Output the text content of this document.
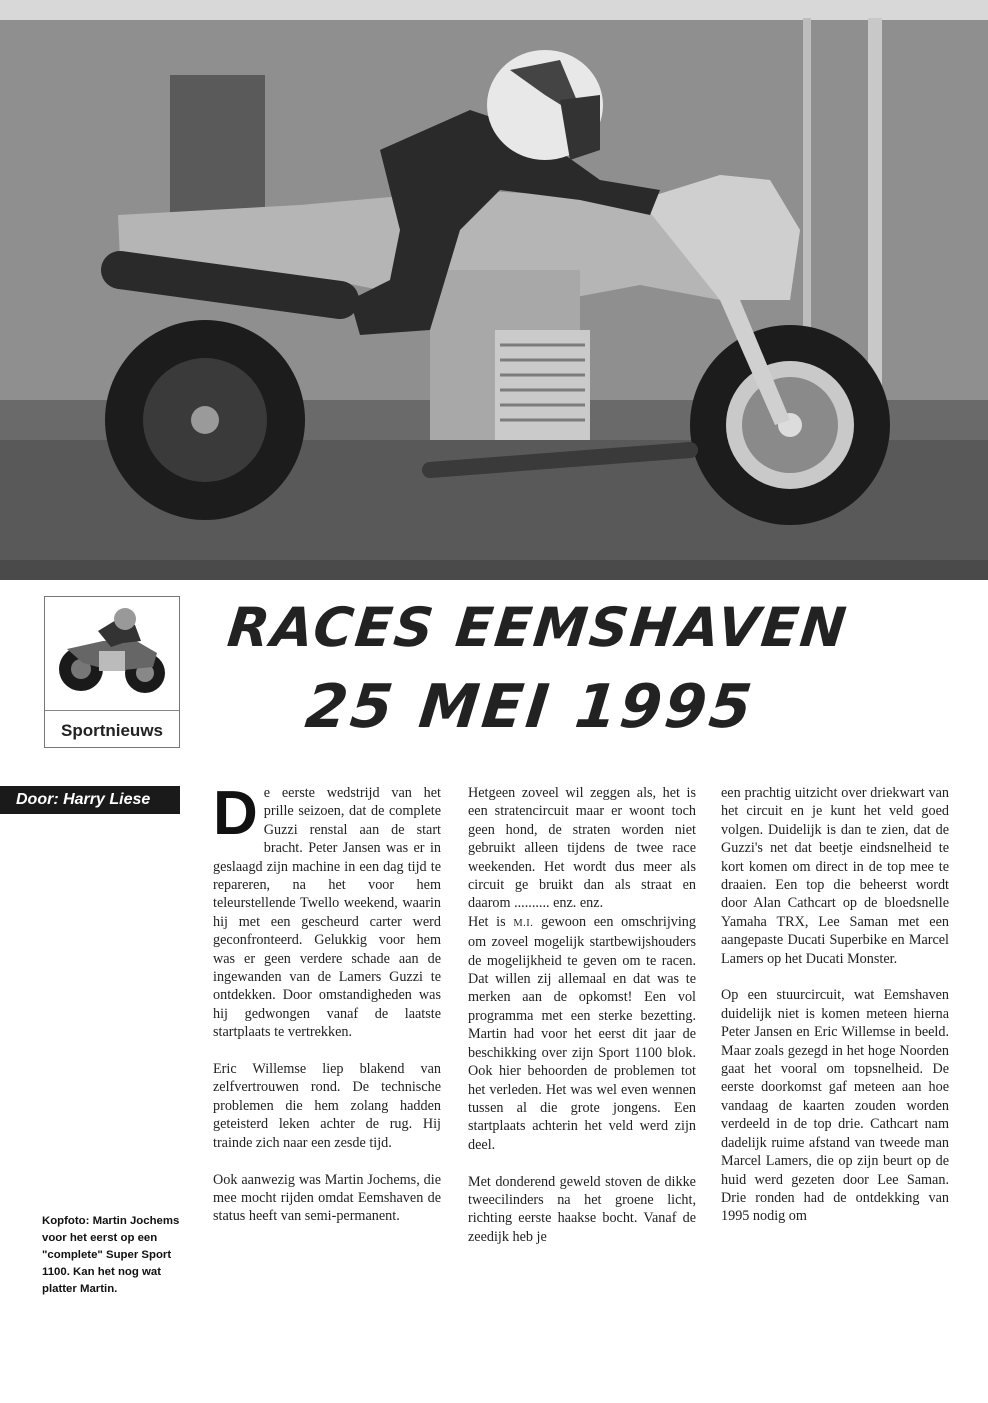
Sportnieuws
RACES EEMSHAVEN
25 MEI 1995
Door: Harry Liese	De eerste wedstrijd van het prille seizoen, dat de complete Guzzi renstal aan de start bracht. Peter Jansen was er in geslaagd zijn machine in een dag tijd te repareren, na het voor hem teleurstellende Twello weekend, waarin hij met een gescheurd carter werd geconfronteerd. Gelukkig voor hem was er geen verdere schade aan de ingewanden van de Lamers Guzzi te ontdekken. Door omstandigheden was hij gedwongen vanaf de laatste startplaats te vertrekken.

Eric Willemse liep blakend van zelfvertrouwen rond. De technische problemen die hem zolang hadden geteisterd leken achter de rug. Hij trainde zich naar een zesde tijd.

Ook aanwezig was Martin Jochems, die mee mocht rijden omdat Eemshaven de status heeft van semi-permanent.

Hetgeen zoveel wil zeggen als, het is een stratencircuit maar er woont toch geen hond, de straten worden niet gebruikt alleen tijdens de twee race weekenden. Het wordt dus meer als circuit ge bruikt dan als straat en daarom .......... enz. enz.

Het is M.I. gewoon een omschrijving om zoveel mogelijk startbewijshouders de mogelijkheid te geven om te racen. Dat willen zij allemaal en dat was te merken aan de opkomst! Een vol programma met een sterke bezetting. Martin had voor het eerst dit jaar de beschikking over zijn Sport 1100 blok. Ook hier behoorden de problemen tot het verleden. Het was wel even wennen tussen al die grote jongens. Een startplaats achterin het veld werd zijn deel.

Met donderend geweld stoven de dikke tweecilinders na het groene licht, richting eerste haakse bocht. Vanaf de zeedijk heb je

een prachtig uitzicht over driekwart van het circuit en je kunt het veld goed volgen. Duidelijk is dan te zien, dat de Guzzi's net dat beetje eindsnelheid te kort komen om direct in de top mee te draaien. Een top die beheerst wordt door Alan Cathcart op de bloedsnelle Yamaha TRX, Lee Saman met een aangepaste Ducati Superbike en Marcel Lamers op het Ducati Monster.

Op een stuurcircuit, wat Eemshaven duidelijk niet is komen meteen hierna Peter Jansen en Eric Willemse in beeld. Maar zoals gezegd in het hoge Noorden gaat het vooral om topsnelheid. De eerste doorkomst gaf meteen aan hoe vandaag de kaarten zouden worden verdeeld in de top drie. Cathcart nam dadelijk ruime afstand van tweede man Marcel Lamers, die op zijn beurt op de huid werd gezeten door Lee Saman. Drie ronden had de ontdekking van 1995 nodig om

Kopfoto: Martin Jochems voor het eerst op een "complete" Super Sport 1100. Kan het nog wat platter Martin.
